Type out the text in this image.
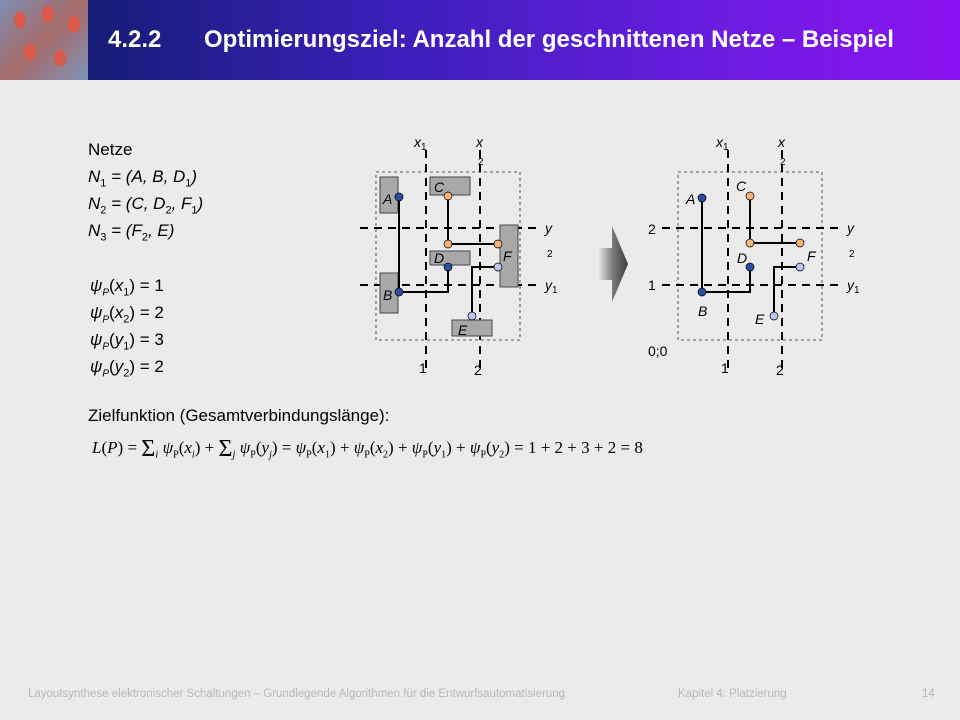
4.2.2 Optimierungsziel: Anzahl der geschnittenen Netze – Beispiel
Netze
$N_1 = (A$, B, $D_1$)
$N_2 = (C$, $D_2$, $F_1$)
$N_3 = (F_2$, E)
$\psi_P(x_1) = 1$
$\psi_P(x_2) = 2$
$\psi_P(y_1) = 3$
$\psi_P(y_2) = 2$
Zielfunktion (Gesamtverbindungslänge):
$L(P) = \Sigma_i$ $\psi_P(x_i) + \Sigma_j$ $\psi_P(y_j) = \psi_P(x_1) + \psi_P(x_2) + \psi_P(y_1) + \psi_P(y_2) = 1 + 2 + 3 + 2 = 8$
A
B
C
D
E
F
$x_1$	x 2
y 2
$y_1$
1	2
A
B
C
D
E
F
$x_1$	x 2
y 2
$y_1$
2
1
0;0
1	2
Layoutsynthese elektronischer Schaltungen – Grundlegende Algorithmen für die Entwurfsautomatisierung	Kapitel 4: Platzierung	14
